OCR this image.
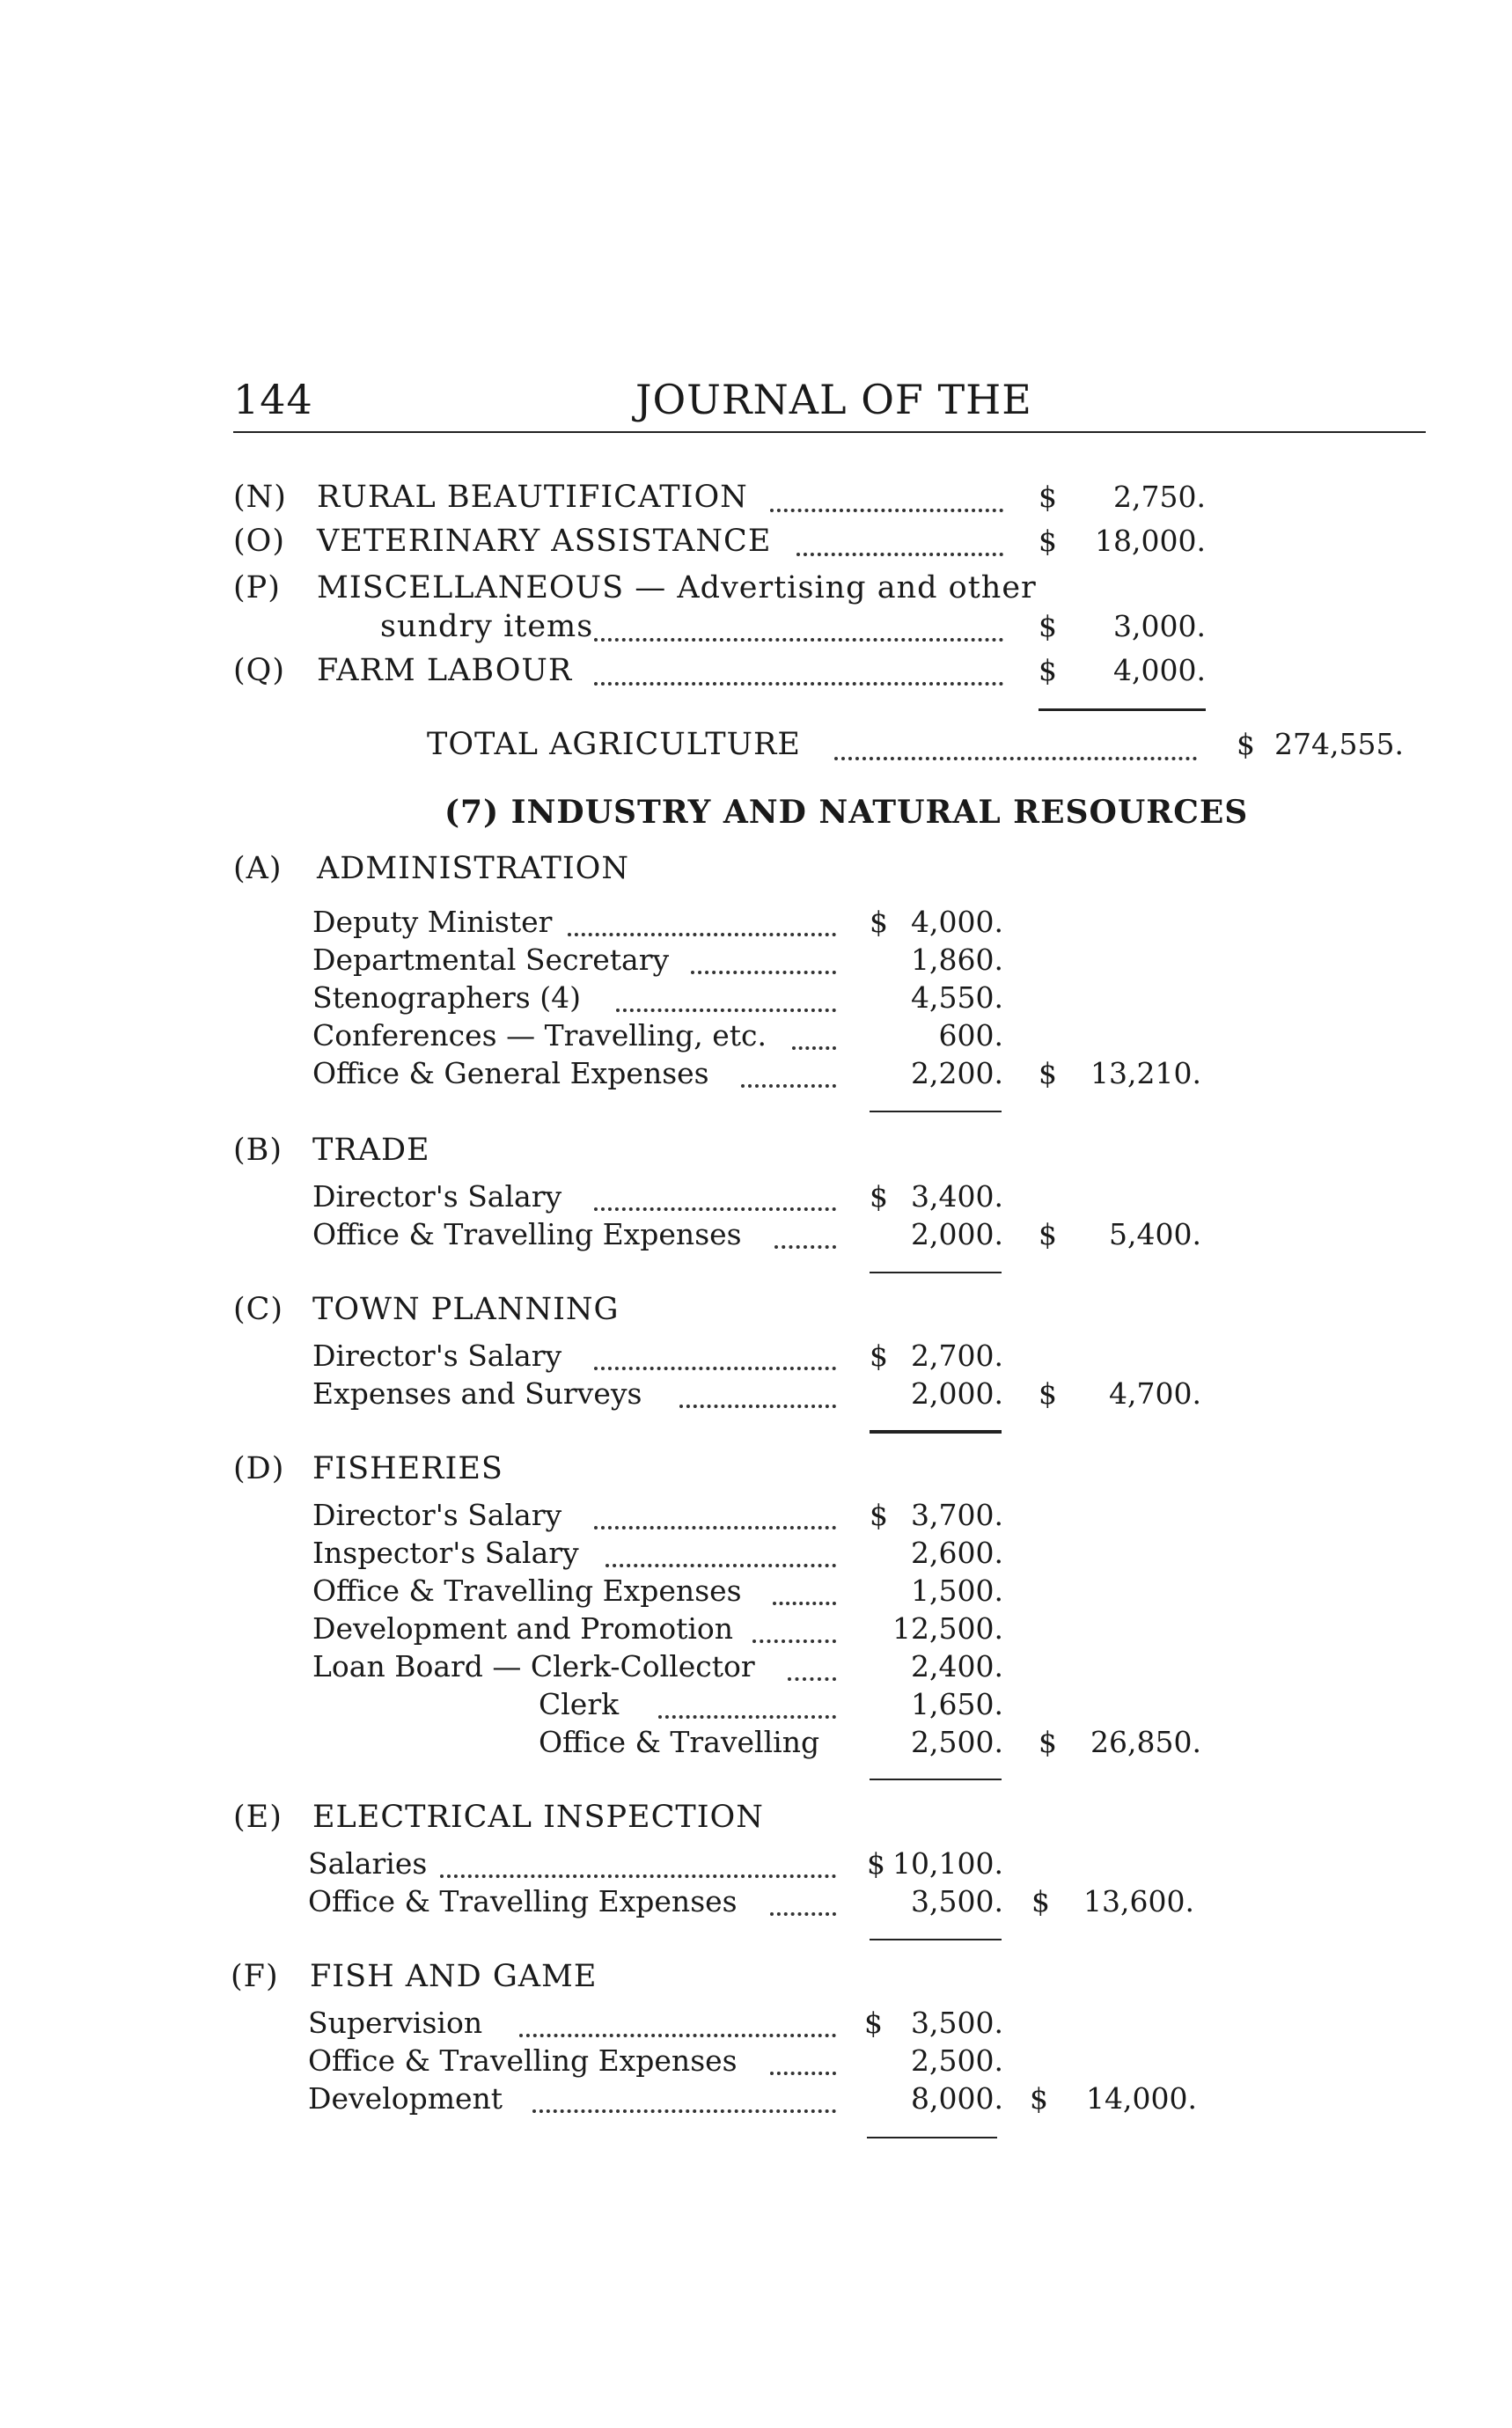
144	JOURNAL OF THE
(N) RURAL BEAUTIFICATION	$	2,750.
(O) VETERINARY ASSISTANCE	$	18,000.
(P) MISCELLANEOUS — Advertising and other
sundry items	$	3,000.
(Q) FARM LABOUR	$	4,000.
TOTAL AGRICULTURE	$ 274,555.
(7) INDUSTRY AND NATURAL RESOURCES
(A) ADMINISTRATION
Deputy Minister	$ 4,000.
Departmental Secretary	1,860.
Stenographers (4)	4,550.
Conferences — Travelling, etc.	600.
Office & General Expenses	2,200. $ 13,210.
(B) TRADE
Director's Salary	$ 3,400.
Office & Travelling Expenses	2,000. $	5,400.
(C) TOWN PLANNING
Director's Salary	$ 2,700.
Expenses and Surveys	2,000. $	4,700.
(D) FISHERIES
Director's Salary	$ 3,700.
Inspector's Salary	2,600.
Office & Travelling Expenses	1,500.
Development and Promotion	12,500.
Loan Board — Clerk-Collector	2,400.
Clerk	1,650.
Office & Travelling	2,500. $ 26,850.
(E) ELECTRICAL INSPECTION
Salaries	$ 10,100.
Office & Travelling Expenses	3,500. $ 13,600.
(F) FISH AND GAME
Supervision	$ 3,500.
Office & Travelling Expenses	2,500.
Development	8,000. $	14,000.
